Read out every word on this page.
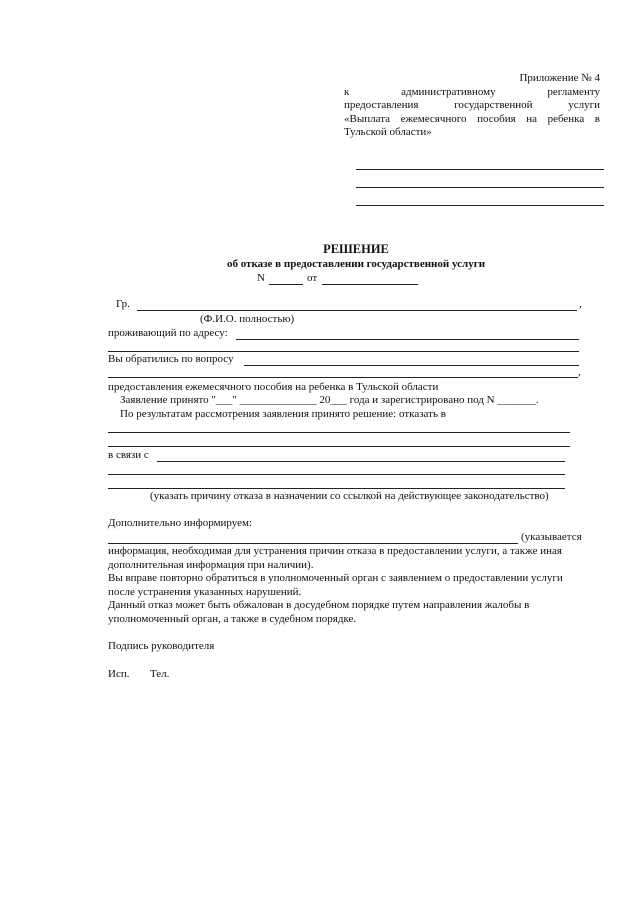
Приложение № 4
к административному регламенту
предоставления государственной услуги
«Выплата ежемесячного пособия на ребенка в
Тульской области»
РЕШЕНИЕ
об отказе в предоставлении государственной услуги
N	от
Гр.	,
(Ф.И.О. полностью)
проживающий по адресу:
Вы обратились по вопросу
,
предоставления ежемесячного пособия на ребенка в Тульской области
Заявление принято "___" ______________ 20___ года и зарегистрировано под N _______.
По результатам рассмотрения заявления принято решение: отказать в
в связи с
(указать причину отказа в назначении со ссылкой на действующее законодательство)
Дополнительно информируем:
(указывается
информация, необходимая для устранения причин отказа в предоставлении услуги, а также иная
дополнительная информация при наличии).
Вы вправе повторно обратиться в уполномоченный орган с заявлением о предоставлении услуги
после устранения указанных нарушений.
Данный отказ может быть обжалован в досудебном порядке путем направления жалобы в
уполномоченный орган, а также в судебном порядке.
Подпись руководителя
Исп. Тел.
